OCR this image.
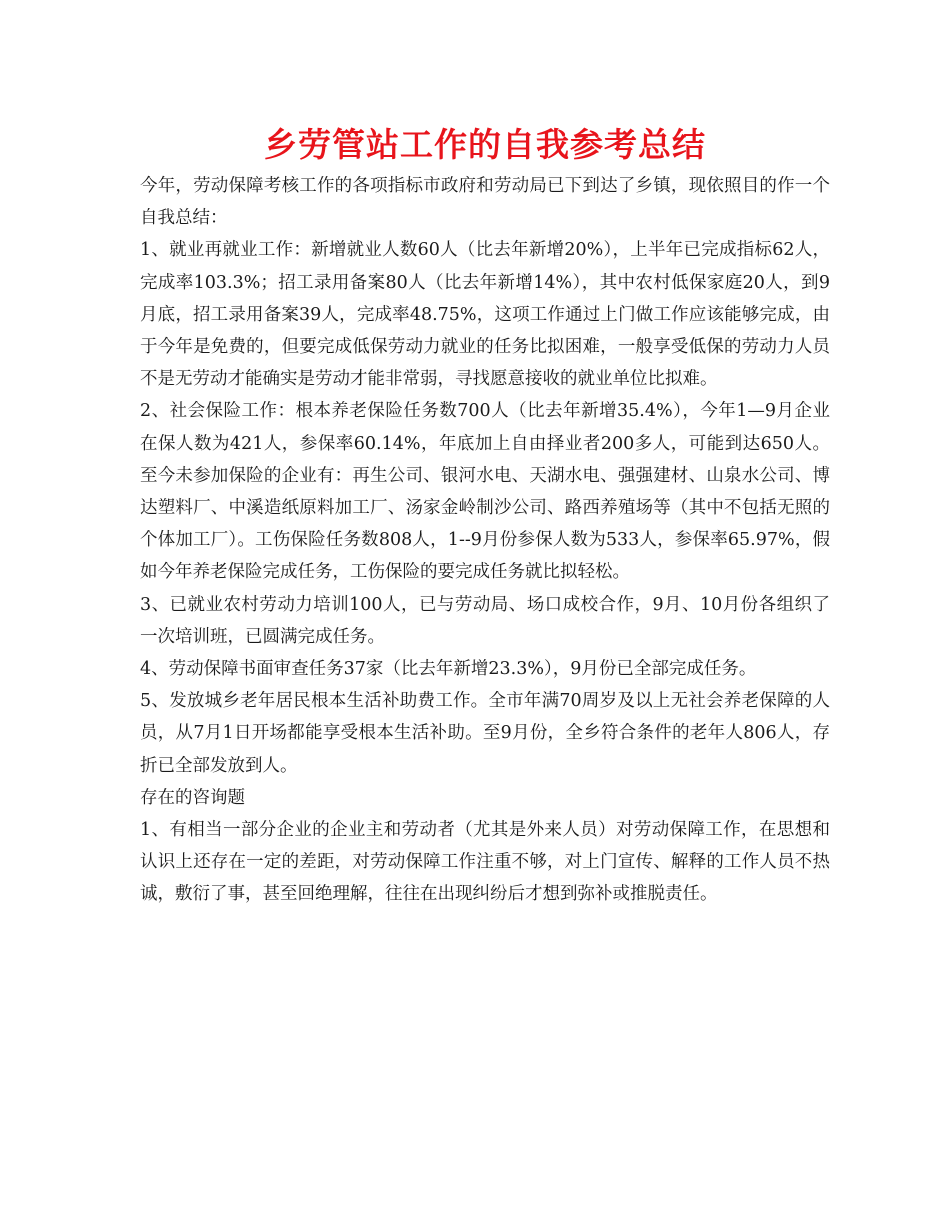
乡劳管站工作的自我参考总结

今年，劳动保障考核工作的各项指标市政府和劳动局已下到达了乡镇，现依照目的作一个自我总结：

1、就业再就业工作：新增就业人数60人（比去年新增20%），上半年已完成指标62人，完成率103.3%；招工录用备案80人（比去年新增14%），其中农村低保家庭20人，到9月底，招工录用备案39人，完成率48.75%，这项工作通过上门做工作应该能够完成，由于今年是免费的，但要完成低保劳动力就业的任务比拟困难，一般享受低保的劳动力人员不是无劳动才能确实是劳动才能非常弱，寻找愿意接收的就业单位比拟难。

2、社会保险工作：根本养老保险任务数700人（比去年新增35.4%），今年1—9月企业在保人数为421人，参保率60.14%，年底加上自由择业者200多人，可能到达650人。至今未参加保险的企业有：再生公司、银河水电、天湖水电、强强建材、山泉水公司、博达塑料厂、中溪造纸原料加工厂、汤家金岭制沙公司、路西养殖场等（其中不包括无照的个体加工厂）。工伤保险任务数808人，1--9月份参保人数为533人，参保率65.97%，假如今年养老保险完成任务，工伤保险的要完成任务就比拟轻松。

3、已就业农村劳动力培训100人，已与劳动局、场口成校合作，9月、10月份各组织了一次培训班，已圆满完成任务。

4、劳动保障书面审查任务37家（比去年新增23.3%），9月份已全部完成任务。

5、发放城乡老年居民根本生活补助费工作。全市年满70周岁及以上无社会养老保障的人员，从7月1日开场都能享受根本生活补助。至9月份，全乡符合条件的老年人806人，存折已全部发放到人。

存在的咨询题

1、有相当一部分企业的企业主和劳动者（尤其是外来人员）对劳动保障工作，在思想和认识上还存在一定的差距，对劳动保障工作注重不够，对上门宣传、解释的工作人员不热诚，敷衍了事，甚至回绝理解，往往在出现纠纷后才想到弥补或推脱责任。
